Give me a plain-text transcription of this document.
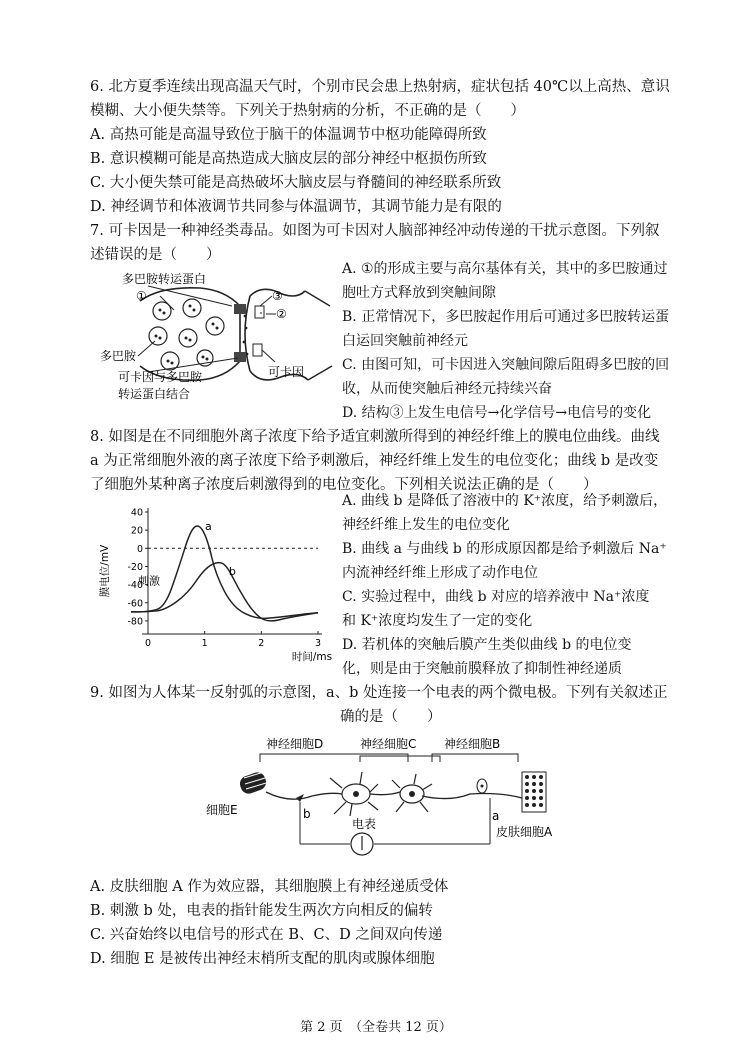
6. 北方夏季连续出现高温天气时，个别市民会患上热射病，症状包括 40℃以上高热、意识
模糊、大小便失禁等。下列关于热射病的分析，不正确的是（　　）
A. 高热可能是高温导致位于脑干的体温调节中枢功能障碍所致
B. 意识模糊可能是高热造成大脑皮层的部分神经中枢损伤所致
C. 大小便失禁可能是高热破坏大脑皮层与脊髓间的神经联系所致
D. 神经调节和体液调节共同参与体温调节，其调节能力是有限的
7. 可卡因是一种神经类毒品。如图为可卡因对人脑部神经冲动传递的干扰示意图。下列叙
述错误的是（　　）
多巴胺转运蛋白
①	③
②
多巴胺
可卡因与多巴胺
转运蛋白结合
可卡因
A. ①的形成主要与高尔基体有关，其中的多巴胺通过
胞吐方式释放到突触间隙
B. 正常情况下，多巴胺起作用后可通过多巴胺转运蛋
白运回突触前神经元
C. 由图可知，可卡因进入突触间隙后阻碍多巴胺的回
收，从而使突触后神经元持续兴奋
D. 结构③上发生电信号→化学信号→电信号的变化
8. 如图是在不同细胞外离子浓度下给予适宜刺激所得到的神经纤维上的膜电位曲线。曲线
a 为正常细胞外液的离子浓度下给予刺激后，神经纤维上发生的电位变化；曲线 b 是改变
了细胞外某种离子浓度后刺激得到的电位变化。下列相关说法正确的是（　　）
40
20
0
-20
-40
-60
-80
0	1	2	3
刺激
膜电位/mV
时间/ms
a
b
A. 曲线 b 是降低了溶液中的 K⁺浓度，给予刺激后，
神经纤维上发生的电位变化
B. 曲线 a 与曲线 b 的形成原因都是给予刺激后 Na⁺
内流神经纤维上形成了动作电位
C. 实验过程中，曲线 b 对应的培养液中 Na⁺浓度
和 K⁺浓度均发生了一定的变化
D. 若机体的突触后膜产生类似曲线 b 的电位变
化，则是由于突触前膜释放了抑制性神经递质
9. 如图为人体某一反射弧的示意图，a、b 处连接一个电表的两个微电极。下列有关叙述正
确的是（　　）
神经细胞D	神经细胞C 神经细胞B
细胞E
皮肤细胞A
电表
b	a
A. 皮肤细胞 A 作为效应器，其细胞膜上有神经递质受体
B. 刺激 b 处，电表的指针能发生两次方向相反的偏转
C. 兴奋始终以电信号的形式在 B、C、D 之间双向传递
D. 细胞 E 是被传出神经末梢所支配的肌肉或腺体细胞
第 2 页　（全卷共 12 页）
